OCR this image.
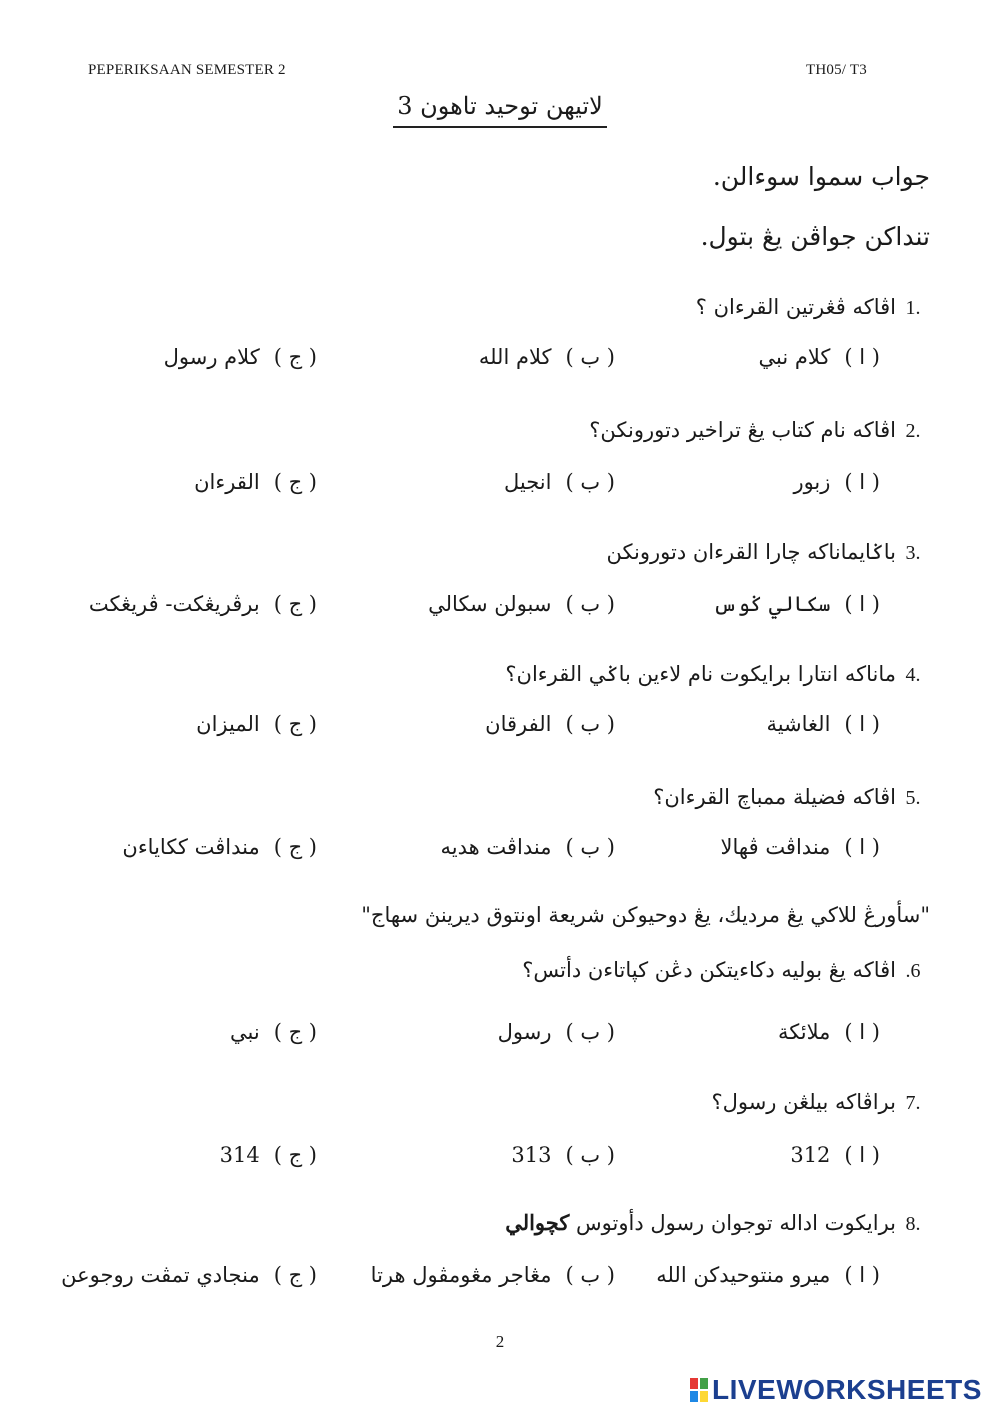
PEPERIKSAAN SEMESTER 2	TH05/ T3
لاتيهن توحيد تاهون 3
جواب سموا سوءالن.
تنداكن جواڤن يڠ بتول.
1.اڤاكه ڤڠرتين القرءان ؟
( ا )كلام نبي
( ب )كلام الله
( ج )كلام رسول
2.اڤاكه نام كتاب يڠ تراخير دتورونكن؟
( ا )زبور
( ب )انجيل
( ج )القرءان
3.باݢايماناكه چارا القرءان دتورونكن
( ا )سكالي ݢوس
( ب )سبولن سكالي
( ج )برڤريڠكت- ڤريڠكت
4.ماناكه انتارا برايكوت نام لاءين باݢي القرءان؟
( ا )الغاشية
( ب )الفرقان
( ج )الميزان
5.اڤاكه فضيلة ممباچ القرءان؟
( ا )منداڤت ڤهالا
( ب )منداڤت هديه
( ج )منداڤت ككاياءن
"سأورڠ للاكي يڠ مرديك، يڠ دوحيوكن شريعة اونتوق ديرينڽ سهاج"
.6اڤاكه يڠ بوليه دكاءيتكن دڠن كپاتاءن دأتس؟
( ا )ملائكة
( ب )رسول
( ج )نبي
7.براڤاكه بيلڠن رسول؟
( ا )312
( ب )313
( ج )314
8.برايكوت اداله توجوان رسول دأوتوس كچوالي
( ا )ميرو منتوحيدكن الله
( ب )مڠاجر مڠومڤول هرتا
( ج )منجادي تمڤت روجوعن
2
LIVEWORKSHEETS
